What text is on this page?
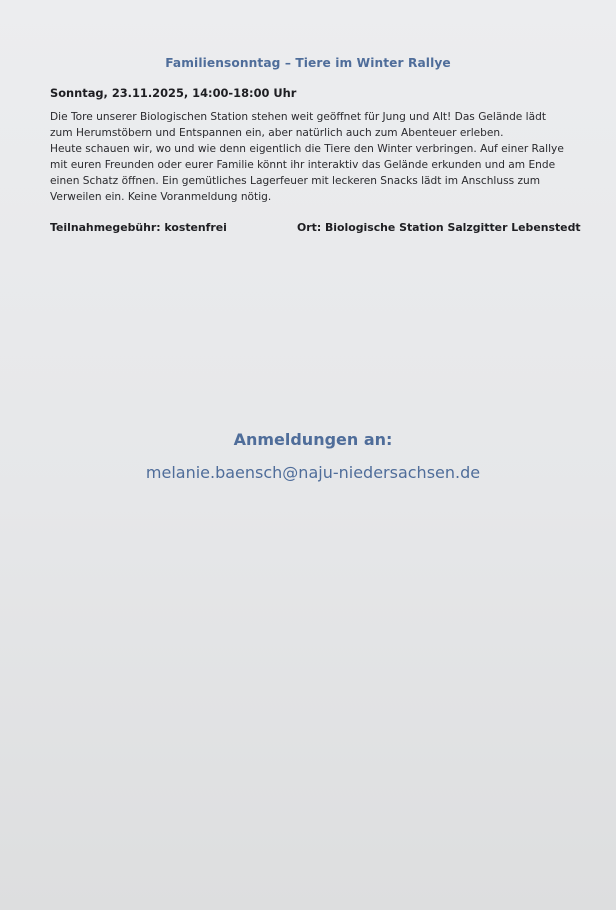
Familiensonntag – Tiere im Winter Rallye
Sonntag, 23.11.2025, 14:00-18:00 Uhr
Die Tore unserer Biologischen Station stehen weit geöffnet für Jung und Alt! Das Gelände lädt
zum Herumstöbern und Entspannen ein, aber natürlich auch zum Abenteuer erleben.
Heute schauen wir, wo und wie denn eigentlich die Tiere den Winter verbringen. Auf einer Rallye
mit euren Freunden oder eurer Familie könnt ihr interaktiv das Gelände erkunden und am Ende
einen Schatz öffnen. Ein gemütliches Lagerfeuer mit leckeren Snacks lädt im Anschluss zum
Verweilen ein. Keine Voranmeldung nötig.
Teilnahmegebühr: kostenfrei	Ort: Biologische Station Salzgitter Lebenstedt
Anmeldungen an:
melanie.baensch@naju-niedersachsen.de
